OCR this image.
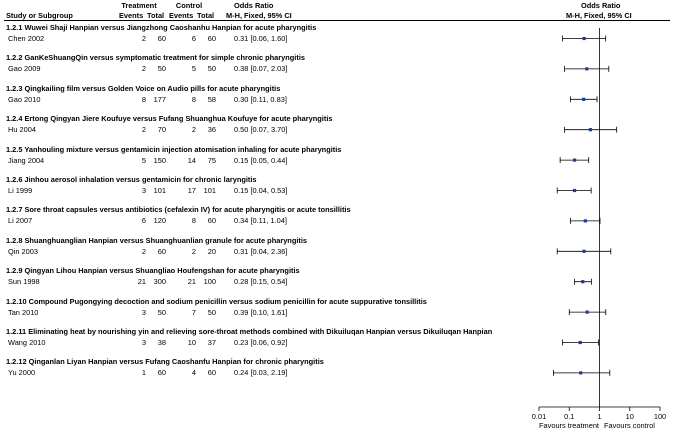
Treatment	Control	Odds Ratio	Odds Ratio
Study or Subgroup	Events Total Events Total M-H, Fixed, 95% CI	M-H, Fixed, 95% CI
1.2.1 Wuwei Shaji Hanpian versus Jiangzhong Caoshanhu Hanpian for acute pharyngitis
Chen 2002	2	60	6	60 0.31 [0.06, 1.60]
1.2.2 GanKeShuangQin versus symptomatic treatment for simple chronic pharyngitis
Gao 2009	2	50	5	50 0.38 [0.07, 2.03]
1.2.3 Qingkailing film versus Golden Voice on Audio pills for acute pharyngitis
Gao 2010	8	177	8	58 0.30 [0.11, 0.83]
1.2.4 Ertong Qingyan Jiere Koufuye versus Fufang Shuanghua Koufuye for acute pharyngitis
Hu 2004	2	70	2	36 0.50 [0.07, 3.70]
1.2.5 Yanhouling mixture versus gentamicin injection atomisation inhaling for acute pharyngitis
Jiang 2004	5	150	14	75 0.15 [0.05, 0.44]
1.2.6 Jinhou aerosol inhalation versus gentamicin for chronic laryngitis
Li 1999	3	101	17	101 0.15 [0.04, 0.53]
1.2.7 Sore throat capsules versus antibiotics (cefalexin IV) for acute pharyngitis or acute tonsillitis
Li 2007	6	120	8	60 0.34 [0.11, 1.04]
1.2.8 Shuanghuanglian Hanpian versus Shuanghuanlian granule for acute pharyngitis
Qin 2003	2	60	2	20 0.31 [0.04, 2.36]
1.2.9 Qingyan Lihou Hanpian versus Shuangliao Houfengshan for acute pharyngitis
Sun 1998	21	300	21	100 0.28 [0.15, 0.54]
1.2.10 Compound Pugongying decoction and sodium penicillin versus sodium penicillin for acute suppurative tonsillitis
Tan 2010	3	50	7	50 0.39 [0.10, 1.61]
1.2.11 Eliminating heat by nourishing yin and relieving sore-throat methods combined with Dikuiluqan Hanpian versus Dikuiluqan Hanpian
Wang 2010	3	38	10	37 0.23 [0.06, 0.92]
1.2.12 Qinganlan Liyan Hanpian versus Fufang Caoshanfu Hanpian for chronic pharyngitis
Yu 2000	1	60	4	60 0.24 [0.03, 2.19]
0.01	0.1	1	10	100
Favours treatment Favours control
